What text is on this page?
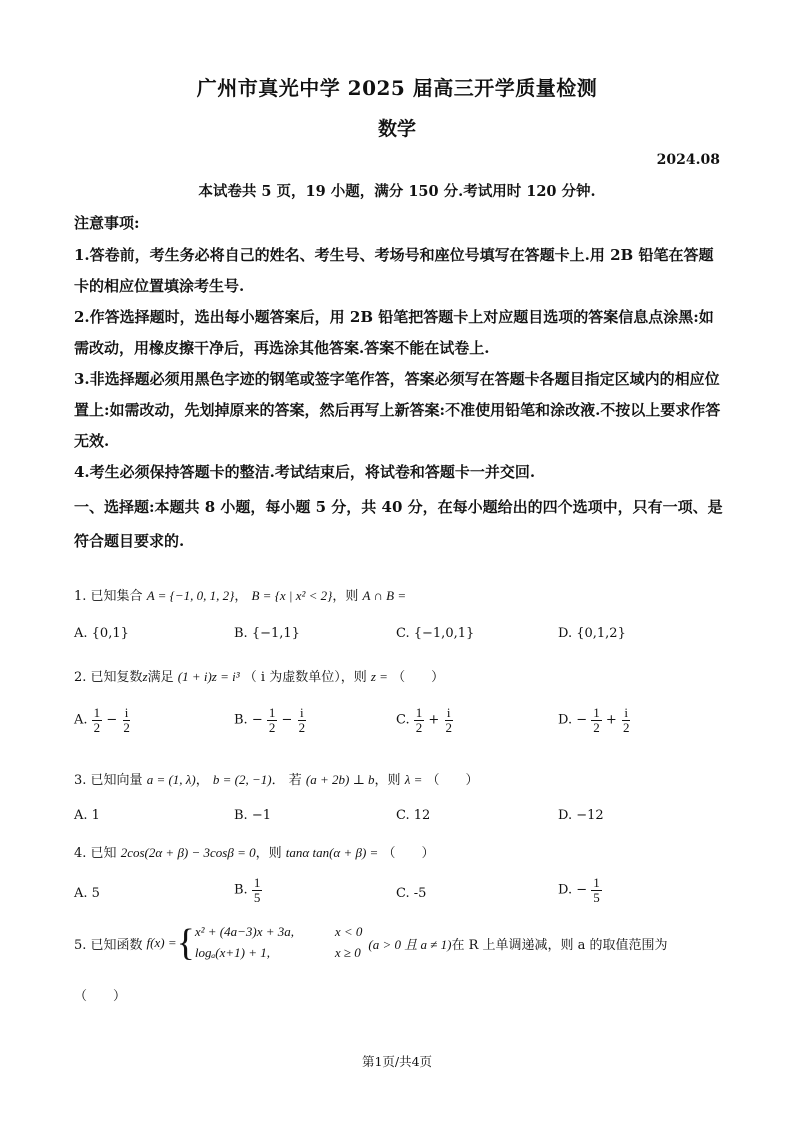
广州市真光中学 2025 届高三开学质量检测
数学
2024.08
本试卷共 5 页，19 小题，满分 150 分.考试用时 120 分钟.
注意事项:
1.答卷前，考生务必将自己的姓名、考生号、考场号和座位号填写在答题卡上.用 2B 铅笔在答题卡的相应位置填涂考生号.
2.作答选择题时，选出每小题答案后，用 2B 铅笔把答题卡上对应题目选项的答案信息点涂黑:如需改动，用橡皮擦干净后，再选涂其他答案.答案不能在试卷上.
3.非选择题必须用黑色字迹的钢笔或签字笔作答，答案必须写在答题卡各题目指定区域内的相应位置上:如需改动，先划掉原来的答案，然后再写上新答案:不准使用铅笔和涂改液.不按以上要求作答无效.
4.考生必须保持答题卡的整洁.考试结束后，将试卷和答题卡一并交回.
一、选择题:本题共 8 小题，每小题 5 分，共 40 分，在每小题给出的四个选项中，只有一项、是符合题目要求的.
1. 已知集合 A = {−1, 0, 1, 2}， B = {x | x² < 2}，则 A ∩ B =
A. {0,1}	B. {−1,1}	C. {−1,0,1}	D. {0,1,2}
2. 已知复数z满足 (1 + i)z = i³ （ i 为虚数单位），则 z = （　　）
A. $\frac{1}{2} - \frac{i}{2}$	B. − $\frac{1}{2} - \frac{i}{2}$	C. $\frac{1}{2} + \frac{i}{2}$	D. − $\frac{1}{2} + \frac{i}{2}$
3. 已知向量 a = (1, λ)， b = (2, −1)． 若 (a + 2b) ⊥ b，则 λ = （　　）
A. 1	B. −1	C. 12	D. −12
4. 已知 2cos(2α + β) − 3cosβ = 0，则 tanα tan(α + β) = （　　）
A. 5	B. $\frac{1}{5}$	C. -5	D. − $\frac{1}{5}$
5. 已知函数 f(x) = { x² + (4a−3)x + 3a,	x < 0
logₐ(x+1) + 1,	x ≥ 0
(a > 0 且 a ≠ 1) 在 R 上单调递减，则 a 的取值范围为
（　　）
第1页/共4页
